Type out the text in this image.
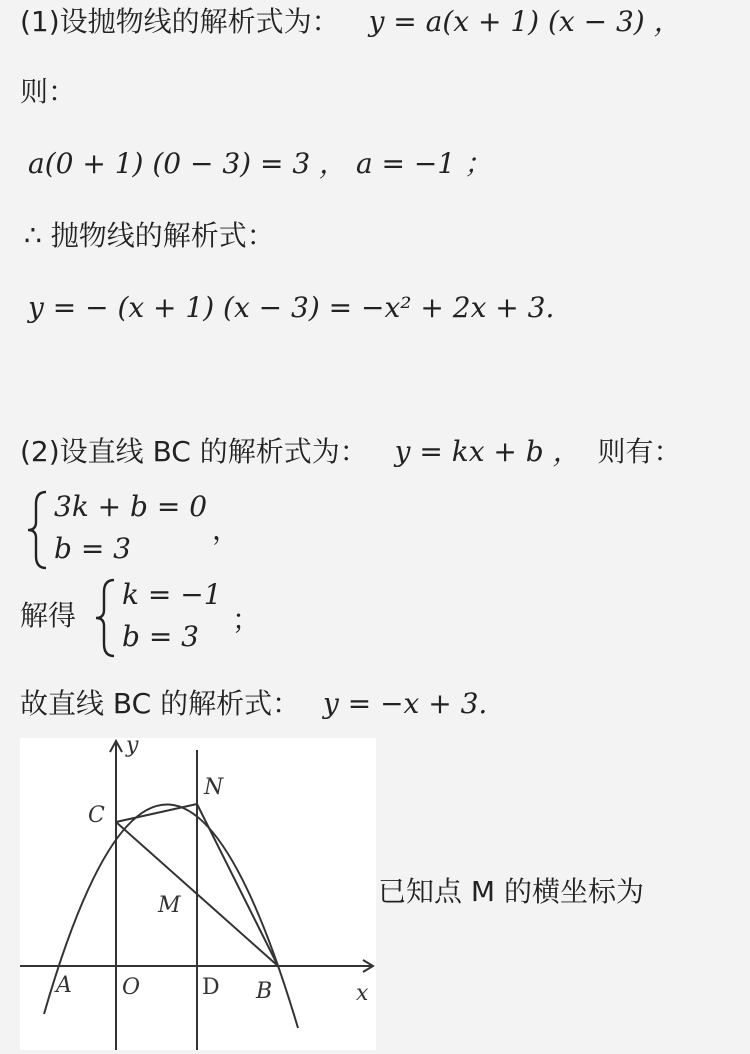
(1)设抛物线的解析式为： y = a(x + 1) (x − 3) ，
则：
a(0 + 1) (0 − 3) = 3 ， a = −1 ；
∴ 抛物线的解析式：
y = − (x + 1) (x − 3) = −x² + 2x + 3.
(2)设直线 BC 的解析式为： y = kx + b ， 则有：
3k + b = 0
b = 3
，
解得
k = −1
b = 3
；
故直线 BC 的解析式： y = −x + 3.
y
x
C
N
M
A O	D B
已知点 M 的横坐标为
